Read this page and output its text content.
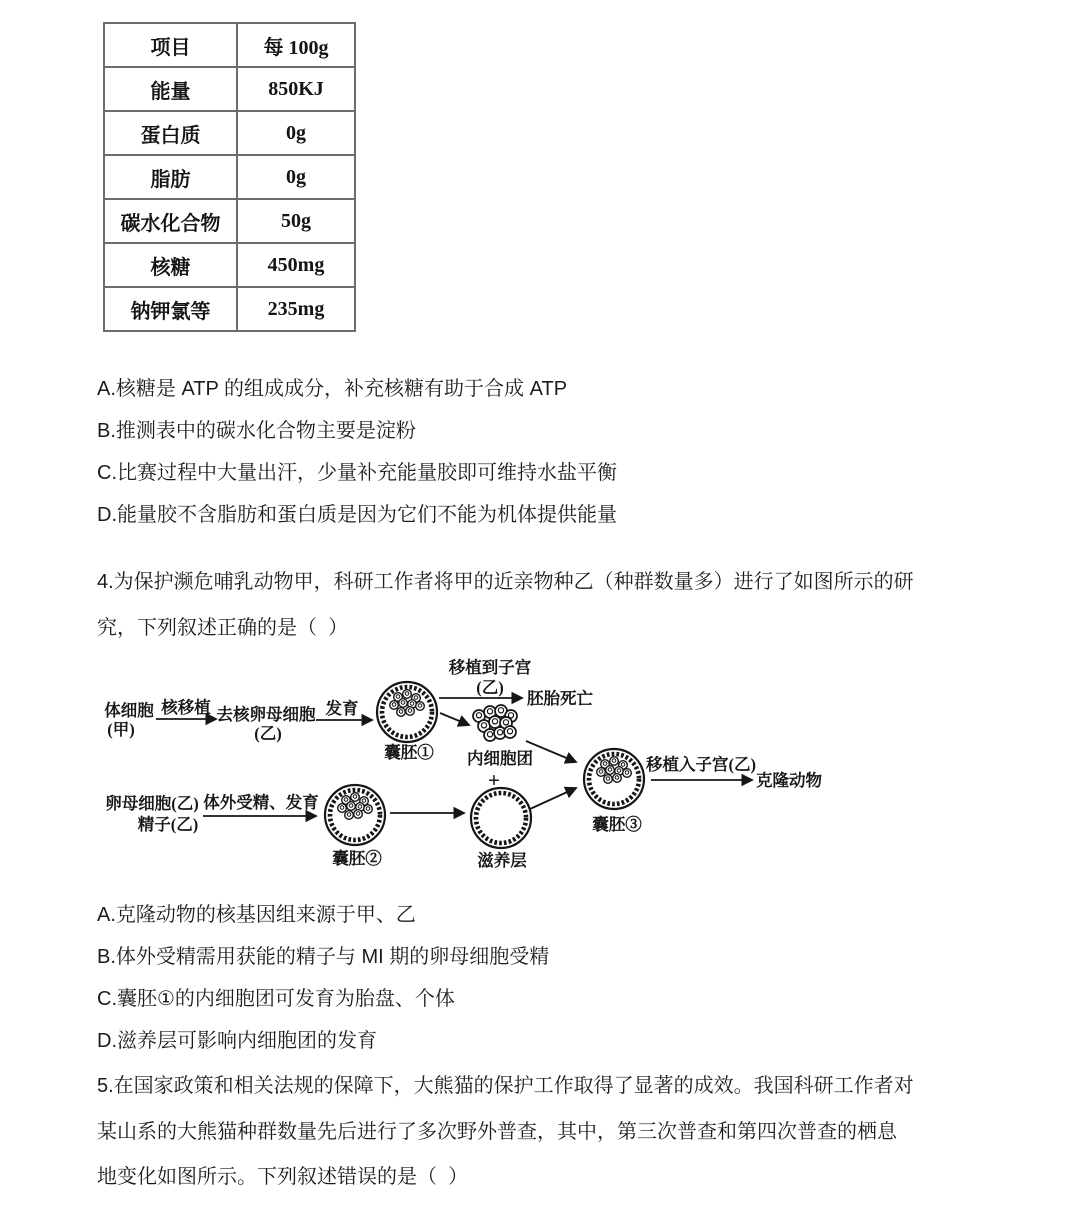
项目	每 100g
能量	850KJ
蛋白质	0g
脂肪	0g
碳水化合物	50g
核糖	450mg
钠钾氯等	235mg
A.核糖是 ATP 的组成成分，补充核糖有助于合成 ATP
B.推测表中的碳水化合物主要是淀粉
C.比赛过程中大量出汗，少量补充能量胶即可维持水盐平衡
D.能量胶不含脂肪和蛋白质是因为它们不能为机体提供能量
4.为保护濒危哺乳动物甲，科研工作者将甲的近亲物种乙（种群数量多）进行了如图所示的研
究，下列叙述正确的是（  ）
体细胞
(甲)
核移植 去核卵母细胞
(乙)
发育
囊胚①
移植到子宫
(乙)
胚胎死亡
内细胞团
+
滋养层
卵母细胞(乙)
精子(乙)
体外受精、发育
囊胚②
囊胚③
移植入子宫(乙)
克隆动物
A.克隆动物的核基因组来源于甲、乙
B.体外受精需用获能的精子与 MI 期的卵母细胞受精
C.囊胚①的内细胞团可发育为胎盘、个体
D.滋养层可影响内细胞团的发育
5.在国家政策和相关法规的保障下，大熊猫的保护工作取得了显著的成效。我国科研工作者对
某山系的大熊猫种群数量先后进行了多次野外普查，其中，第三次普查和第四次普查的栖息
地变化如图所示。下列叙述错误的是（  ）
